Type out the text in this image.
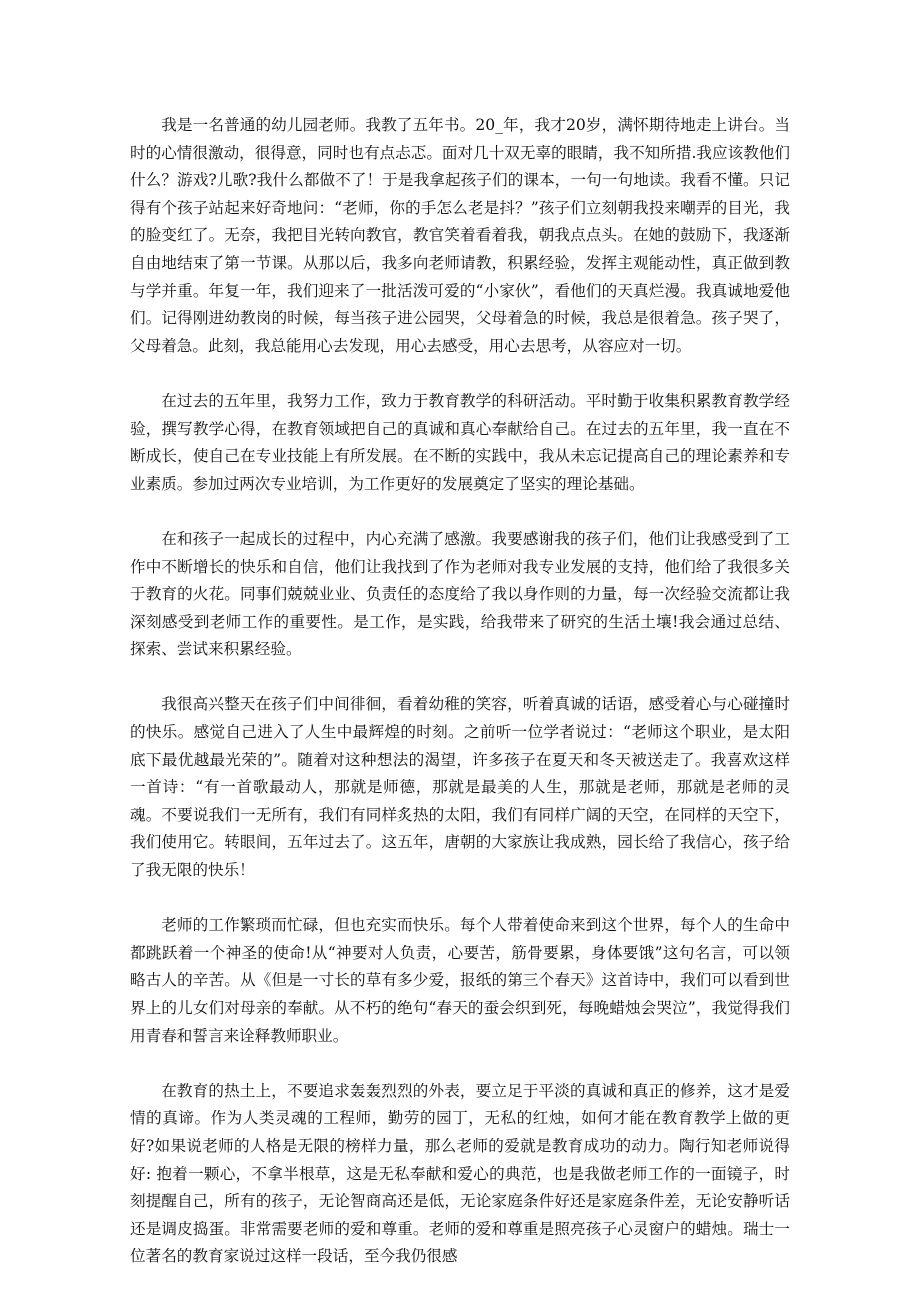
我是一名普通的幼儿园老师。我教了五年书。20_年，我才20岁，满怀期待地走上讲台。当时的心情很激动，很得意，同时也有点忐忑。面对几十双无辜的眼睛，我不知所措.我应该教他们什么？游戏?儿歌?我什么都做不了！于是我拿起孩子们的课本，一句一句地读。我看不懂。只记得有个孩子站起来好奇地问：“老师，你的手怎么老是抖？”孩子们立刻朝我投来嘲弄的目光，我的脸变红了。无奈，我把目光转向教官，教官笑着看着我，朝我点点头。在她的鼓励下，我逐渐自由地结束了第一节课。从那以后，我多向老师请教，积累经验，发挥主观能动性，真正做到教与学并重。年复一年，我们迎来了一批活泼可爱的“小家伙”，看他们的天真烂漫。我真诚地爱他们。记得刚进幼教岗的时候，每当孩子进公园哭，父母着急的时候，我总是很着急。孩子哭了，父母着急。此刻，我总能用心去发现，用心去感受，用心去思考，从容应对一切。

在过去的五年里，我努力工作，致力于教育教学的科研活动。平时勤于收集积累教育教学经验，撰写教学心得，在教育领域把自己的真诚和真心奉献给自己。在过去的五年里，我一直在不断成长，使自己在专业技能上有所发展。在不断的实践中，我从未忘记提高自己的理论素养和专业素质。参加过两次专业培训，为工作更好的发展奠定了坚实的理论基础。

在和孩子一起成长的过程中，内心充满了感激。我要感谢我的孩子们，他们让我感受到了工作中不断增长的快乐和自信，他们让我找到了作为老师对我专业发展的支持，他们给了我很多关于教育的火花。同事们兢兢业业、负责任的态度给了我以身作则的力量，每一次经验交流都让我深刻感受到老师工作的重要性。是工作，是实践，给我带来了研究的生活土壤!我会通过总结、探索、尝试来积累经验。

我很高兴整天在孩子们中间徘徊，看着幼稚的笑容，听着真诚的话语，感受着心与心碰撞时的快乐。感觉自己进入了人生中最辉煌的时刻。之前听一位学者说过：“老师这个职业，是太阳底下最优越最光荣的”。随着对这种想法的渴望，许多孩子在夏天和冬天被送走了。我喜欢这样一首诗：“有一首歌最动人，那就是师德，那就是最美的人生，那就是老师，那就是老师的灵魂。不要说我们一无所有，我们有同样炙热的太阳，我们有同样广阔的天空，在同样的天空下，我们使用它。转眼间，五年过去了。这五年，唐朝的大家族让我成熟，园长给了我信心，孩子给了我无限的快乐！

老师的工作繁琐而忙碌，但也充实而快乐。每个人带着使命来到这个世界，每个人的生命中都跳跃着一个神圣的使命!从“神要对人负责，心要苦，筋骨要累，身体要饿”这句名言，可以领略古人的辛苦。从《但是一寸长的草有多少爱，报纸的第三个春天》这首诗中，我们可以看到世界上的儿女们对母亲的奉献。从不朽的绝句“春天的蚕会织到死，每晚蜡烛会哭泣”，我觉得我们用青春和誓言来诠释教师职业。

在教育的热土上，不要追求轰轰烈烈的外表，要立足于平淡的真诚和真正的修养，这才是爱情的真谛。作为人类灵魂的工程师，勤劳的园丁，无私的红烛，如何才能在教育教学上做的更好?如果说老师的人格是无限的榜样力量，那么老师的爱就是教育成功的动力。陶行知老师说得好: 抱着一颗心，不拿半根草，这是无私奉献和爱心的典范，也是我做老师工作的一面镜子，时刻提醒自己，所有的孩子，无论智商高还是低，无论家庭条件好还是家庭条件差，无论安静听话还是调皮捣蛋。非常需要老师的爱和尊重。老师的爱和尊重是照亮孩子心灵窗户的蜡烛。瑞士一位著名的教育家说过这样一段话，至今我仍很感
